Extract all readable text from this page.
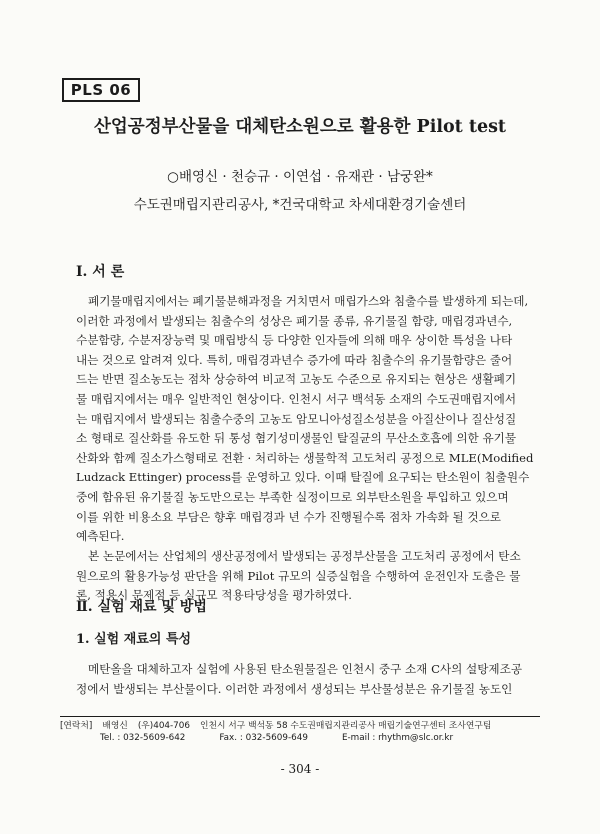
PLS 06
산업공정부산물을 대체탄소원으로 활용한 Pilot test
○배영신 · 천승규 · 이연섭 · 유재관 · 남궁완*
수도권매립지관리공사, *건국대학교 차세대환경기술센터
Ⅰ. 서 론
폐기물매립지에서는 폐기물분해과정을 거치면서 매립가스와 침출수를 발생하게 되는데,
이러한 과정에서 발생되는 침출수의 성상은 폐기물 종류, 유기물질 함량, 매립경과년수,
수분함량, 수분저장능력 및 매립방식 등 다양한 인자들에 의해 매우 상이한 특성을 나타
내는 것으로 알려져 있다. 특히, 매립경과년수 증가에 따라 침출수의 유기물함량은 줄어
드는 반면 질소농도는 점차 상승하여 비교적 고농도 수준으로 유지되는 현상은 생활폐기
물 매립지에서는 매우 일반적인 현상이다. 인천시 서구 백석동 소재의 수도권매립지에서
는 매립지에서 발생되는 침출수중의 고농도 암모니아성질소성분을 아질산이나 질산성질
소 형태로 질산화를 유도한 뒤 통성 혐기성미생물인 탈질균의 무산소호흡에 의한 유기물
산화와 함께 질소가스형태로 전환 · 처리하는 생물학적 고도처리 공정으로 MLE(Modified
Ludzack Ettinger) process를 운영하고 있다. 이때 탈질에 요구되는 탄소원이 침출원수
중에 함유된 유기물질 농도만으로는 부족한 실정이므로 외부탄소원을 투입하고 있으며
이를 위한 비용소요 부담은 향후 매립경과 년 수가 진행될수록 점차 가속화 될 것으로
예측된다.
본 논문에서는 산업체의 생산공정에서 발생되는 공정부산물을 고도처리 공정에서 탄소
원으로의 활용가능성 판단을 위해 Pilot 규모의 실증실험을 수행하여 운전인자 도출은 물
론, 적용시 문제점 등 실규모 적용타당성을 평가하였다.
Ⅱ. 실험 재료 및 방법
1. 실험 재료의 특성
메탄올을 대체하고자 실험에 사용된 탄소원물질은 인천시 중구 소재 C사의 설탕제조공
정에서 발생되는 부산물이다. 이러한 과정에서 생성되는 부산물성분은 유기물질 농도인
[연락처] 배영신 (우)404-706 인천시 서구 백석동 58 수도권매립지관리공사 매립기술연구센터 조사연구팀
Tel. : 032-5609-642	Fax. : 032-5609-649	E-mail : rhythm@slc.or.kr
- 304 -
